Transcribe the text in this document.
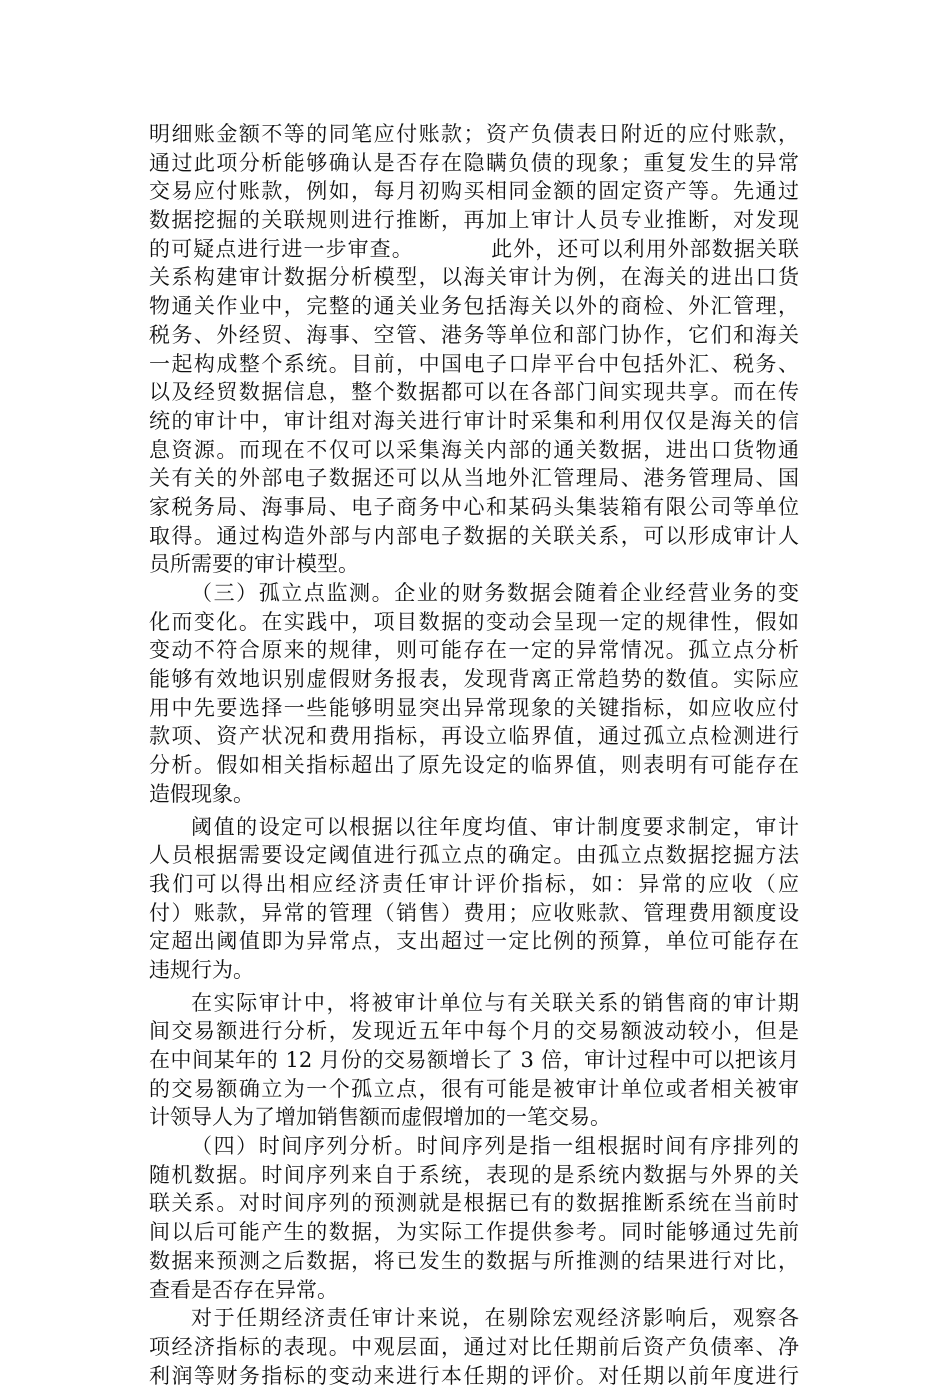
明细账金额不等的同笔应付账款；资产负债表日附近的应付账款，
通过此项分析能够确认是否存在隐瞒负债的现象；重复发生的异常
交易应付账款，例如，每月初购买相同金额的固定资产等。先通过
数据挖掘的关联规则进行推断，再加上审计人员专业推断，对发现
的可疑点进行进一步审查。          此外，还可以利用外部数据关联
关系构建审计数据分析模型，以海关审计为例，在海关的进出口货
物通关作业中，完整的通关业务包括海关以外的商检、外汇管理，
税务、外经贸、海事、空管、港务等单位和部门协作，它们和海关
一起构成整个系统。目前，中国电子口岸平台中包括外汇、税务、
以及经贸数据信息，整个数据都可以在各部门间实现共享。而在传
统的审计中，审计组对海关进行审计时采集和利用仅仅是海关的信
息资源。而现在不仅可以采集海关内部的通关数据，进出口货物通
关有关的外部电子数据还可以从当地外汇管理局、港务管理局、国
家税务局、海事局、电子商务中心和某码头集装箱有限公司等单位
取得。通过构造外部与内部电子数据的关联关系，可以形成审计人
员所需要的审计模型。
（三）孤立点监测。企业的财务数据会随着企业经营业务的变
化而变化。在实践中，项目数据的变动会呈现一定的规律性，假如
变动不符合原来的规律，则可能存在一定的异常情况。孤立点分析
能够有效地识别虚假财务报表，发现背离正常趋势的数值。实际应
用中先要选择一些能够明显突出异常现象的关键指标，如应收应付
款项、资产状况和费用指标，再设立临界值，通过孤立点检测进行
分析。假如相关指标超出了原先设定的临界值，则表明有可能存在
造假现象。
阈值的设定可以根据以往年度均值、审计制度要求制定，审计
人员根据需要设定阈值进行孤立点的确定。由孤立点数据挖掘方法
我们可以得出相应经济责任审计评价指标，如：异常的应收（应
付）账款，异常的管理（销售）费用；应收账款、管理费用额度设
定超出阈值即为异常点，支出超过一定比例的预算，单位可能存在
违规行为。
在实际审计中，将被审计单位与有关联关系的销售商的审计期
间交易额进行分析，发现近五年中每个月的交易额波动较小，但是
在中间某年的 12 月份的交易额增长了 3 倍，审计过程中可以把该月
的交易额确立为一个孤立点，很有可能是被审计单位或者相关被审
计领导人为了增加销售额而虚假增加的一笔交易。
（四）时间序列分析。时间序列是指一组根据时间有序排列的
随机数据。时间序列来自于系统，表现的是系统内数据与外界的关
联关系。对时间序列的预测就是根据已有的数据推断系统在当前时
间以后可能产生的数据，为实际工作提供参考。同时能够通过先前
数据来预测之后数据，将已发生的数据与所推测的结果进行对比，
查看是否存在异常。
对于任期经济责任审计来说，在剔除宏观经济影响后，观察各
项经济指标的表现。中观层面，通过对比任期前后资产负债率、净
利润等财务指标的变动来进行本任期的评价。对任期以前年度进行
